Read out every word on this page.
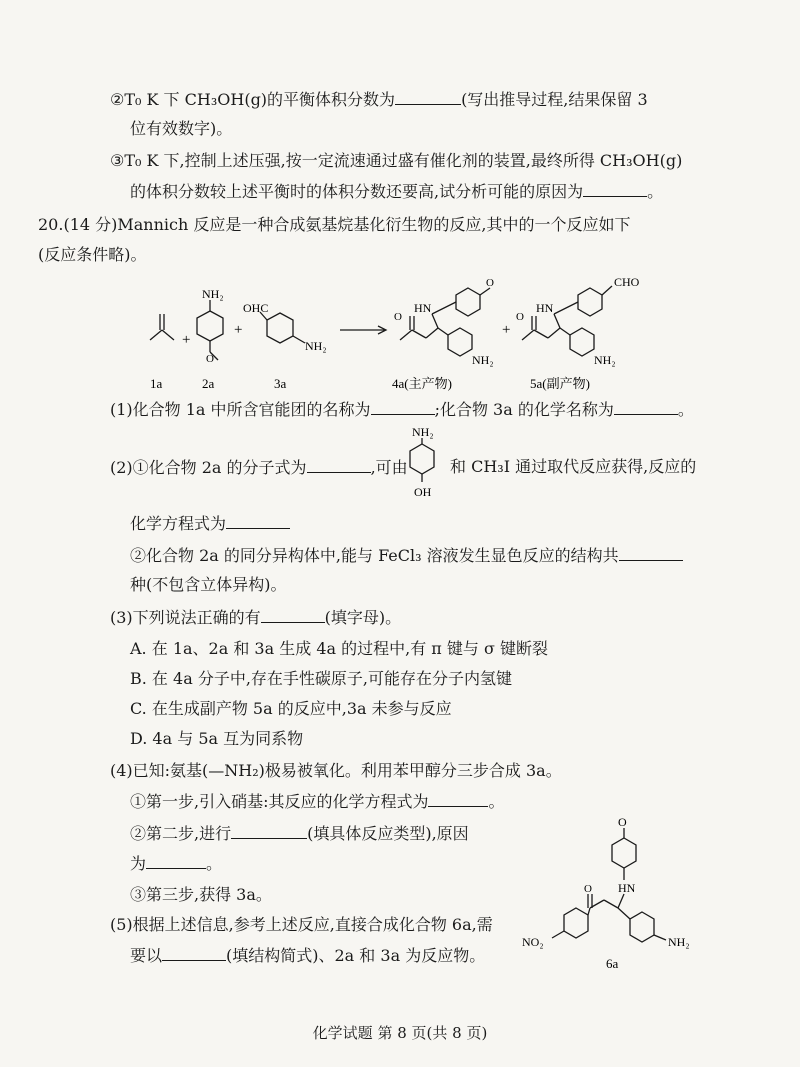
②T₀ K 下 CH₃OH(g)的平衡体积分数为	(写出推导过程,结果保留 3
位有效数字)。
③T₀ K 下,控制上述压强,按一定流速通过盛有催化剂的装置,最终所得 CH₃OH(g)
的体积分数较上述平衡时的体积分数还要高,试分析可能的原因为	。
20.(14 分)Mannich 反应是一种合成氨基烷基化衍生物的反应,其中的一个反应如下
(反应条件略)。
+
NH₂
O
+
OHC
NH₂
HN
O
O
NH₂
+
HN
O
CHO
NH₂
1a	2a	3a	4a(主产物)	5a(副产物)
(1)化合物 1a 中所含官能团的名称为	;化合物 3a 的化学名称为	。
NH₂
OH
(2)①化合物 2a 的分子式为	,可由	和 CH₃I 通过取代反应获得,反应的
化学方程式为
②化合物 2a 的同分异构体中,能与 FeCl₃ 溶液发生显色反应的结构共
种(不包含立体异构)。
(3)下列说法正确的有	(填字母)。
A. 在 1a、2a 和 3a 生成 4a 的过程中,有 π 键与 σ 键断裂
B. 在 4a 分子中,存在手性碳原子,可能存在分子内氢键
C. 在生成副产物 5a 的反应中,3a 未参与反应
D. 4a 与 5a 互为同系物
(4)已知:氨基(—NH₂)极易被氧化。利用苯甲醇分三步合成 3a。
①第一步,引入硝基:其反应的化学方程式为	。
②第二步,进行	(填具体反应类型),原因
为	。
③第三步,获得 3a。
(5)根据上述信息,参考上述反应,直接合成化合物 6a,需
要以	(填结构简式)、2a 和 3a 为反应物。
O
HN
O
NO₂	NH₂
6a
化学试题 第 8 页(共 8 页)
